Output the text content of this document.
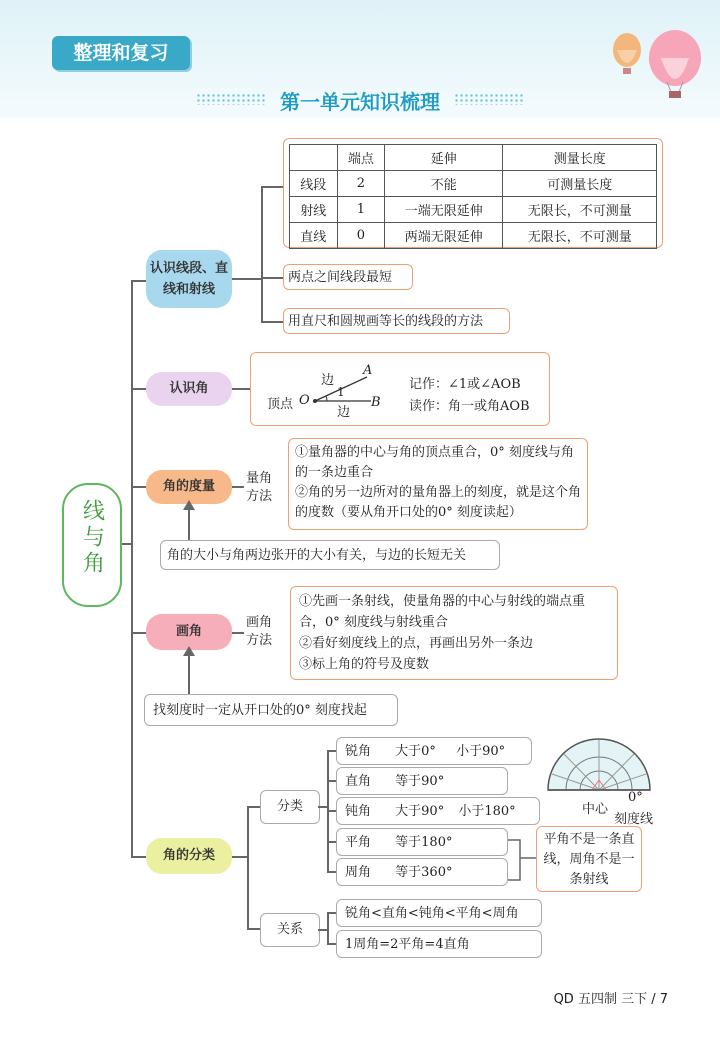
整理和复习
第一单元知识梳理
线与角
认识线段、直线和射线
	端点	延伸	测量长度
线段	2	不能	可测量长度
射线	1	一端无限延伸	无限长，不可测量
直线	0	两端无限延伸	无限长，不可测量
两点之间线段最短
用直尺和圆规画等长的线段的方法
认识角
边
边
顶点 O
A
B
1	记作：∠1或∠AOB
读作：角一或角AOB
角的度量
量角方法
①量角器的中心与角的顶点重合，0° 刻度线与角的一条边重合
②角的另一边所对的量角器上的刻度，就是这个角的度数（要从角开口处的0° 刻度读起）
角的大小与角两边张开的大小有关，与边的长短无关
画角
画角方法
①先画一条射线，使量角器的中心与射线的端点重合，0° 刻度线与射线重合
②看好刻度线上的点，再画出另外一条边
③标上角的符号及度数
找刻度时一定从开口处的0° 刻度找起
角的分类
分类
锐角 大于0° 小于90°
直角 等于90°
钝角 大于90° 小于180°
平角 等于180°
周角 等于360°
平角不是一条直线，周角不是一条射线
中心
0°
刻度线
关系
锐角<直角<钝角<平角<周角
1周角=2平角=4直角
QD 五四制 三下 / 7
